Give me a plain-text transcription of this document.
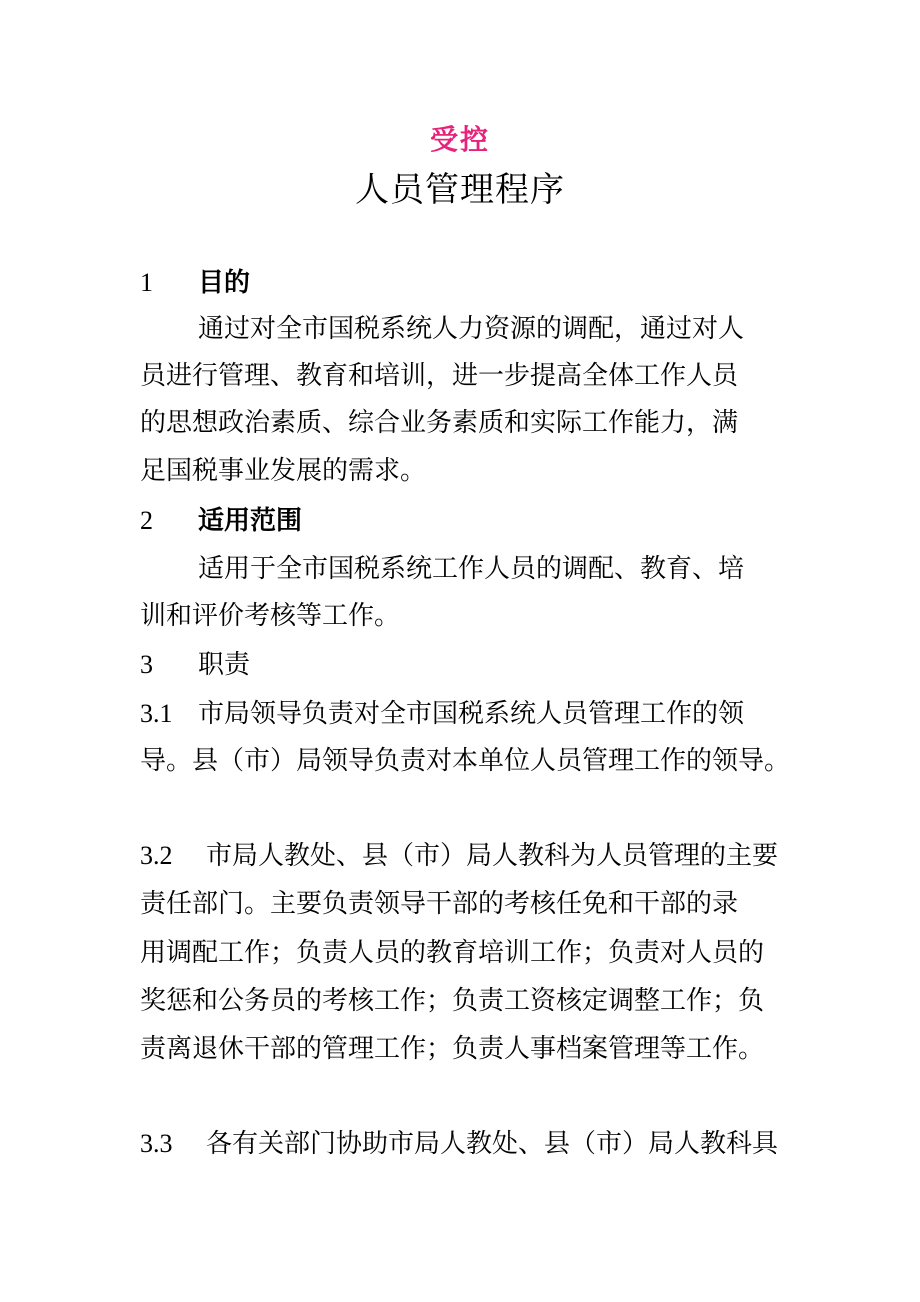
受控
人员管理程序
1 目的
通过对全市国税系统人力资源的调配，通过对人
员进行管理、教育和培训，进一步提高全体工作人员
的思想政治素质、综合业务素质和实际工作能力，满
足国税事业发展的需求。
2 适用范围
适用于全市国税系统工作人员的调配、教育、培
训和评价考核等工作。
3 职责
3.1 市局领导负责对全市国税系统人员管理工作的领
导。县（市）局领导负责对本单位人员管理工作的领导。
3.2 市局人教处、县（市）局人教科为人员管理的主要
责任部门。主要负责领导干部的考核任免和干部的录
用调配工作；负责人员的教育培训工作；负责对人员的
奖惩和公务员的考核工作；负责工资核定调整工作；负
责离退休干部的管理工作；负责人事档案管理等工作。
3.3 各有关部门协助市局人教处、县（市）局人教科具
